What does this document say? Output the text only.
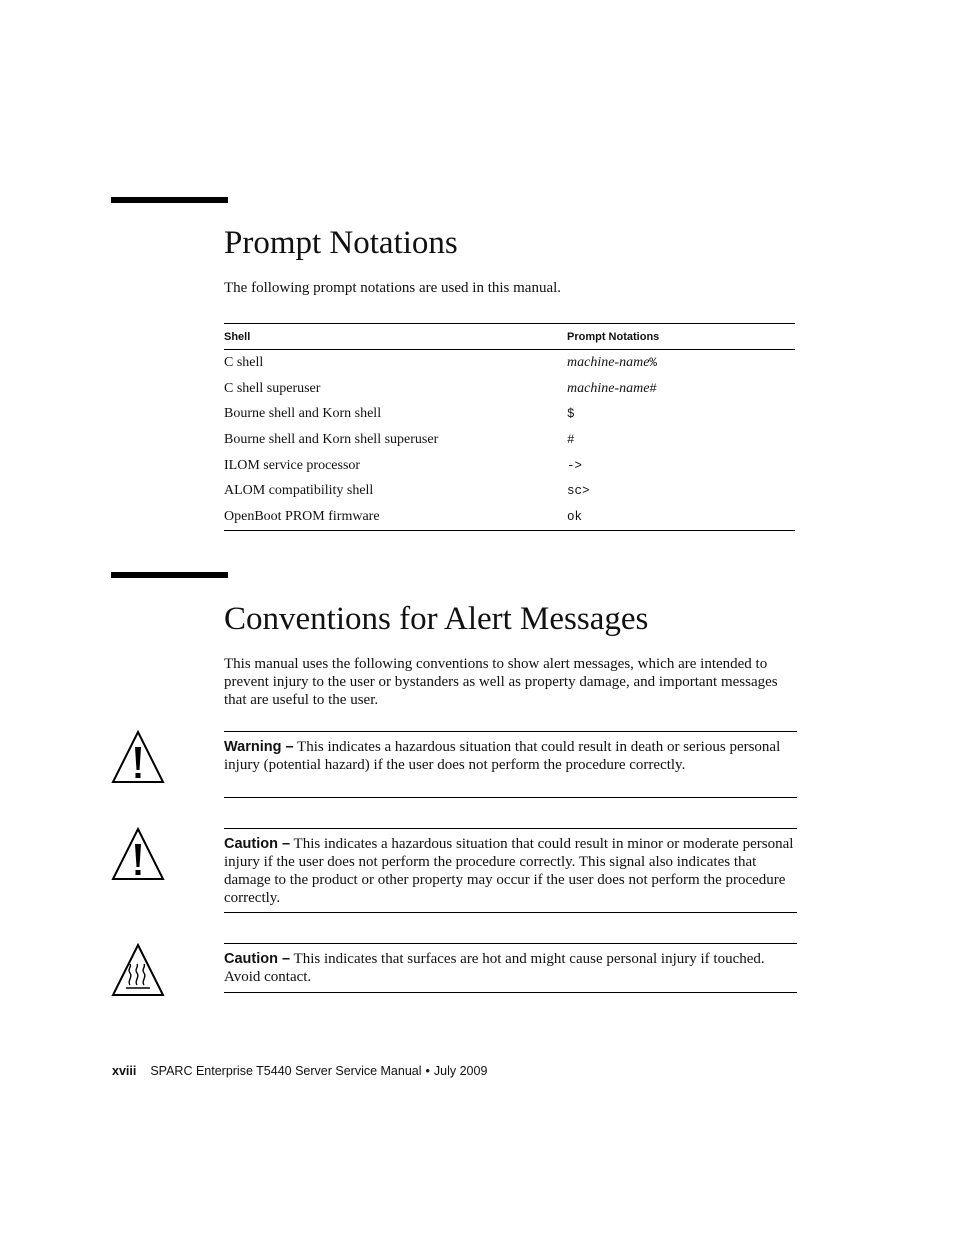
Prompt Notations

The following prompt notations are used in this manual.

Shell	Prompt Notations
C shell	machine-name%
C shell superuser	machine-name#
Bourne shell and Korn shell	$
Bourne shell and Korn shell superuser	#
ILOM service processor	->
ALOM compatibility shell	sc>
OpenBoot PROM firmware	ok
Conventions for Alert Messages

This manual uses the following conventions to show alert messages, which are intended to prevent injury to the user or bystanders as well as property damage, and important messages that are useful to the user.

Warning – This indicates a hazardous situation that could result in death or serious personal injury (potential hazard) if the user does not perform the procedure correctly.
Caution – This indicates a hazardous situation that could result in minor or moderate personal injury if the user does not perform the procedure correctly. This signal also indicates that damage to the product or other property may occur if the user does not perform the procedure correctly.
Caution – This indicates that surfaces are hot and might cause personal injury if touched. Avoid contact.
xviii SPARC Enterprise T5440 Server Service Manual • July 2009
